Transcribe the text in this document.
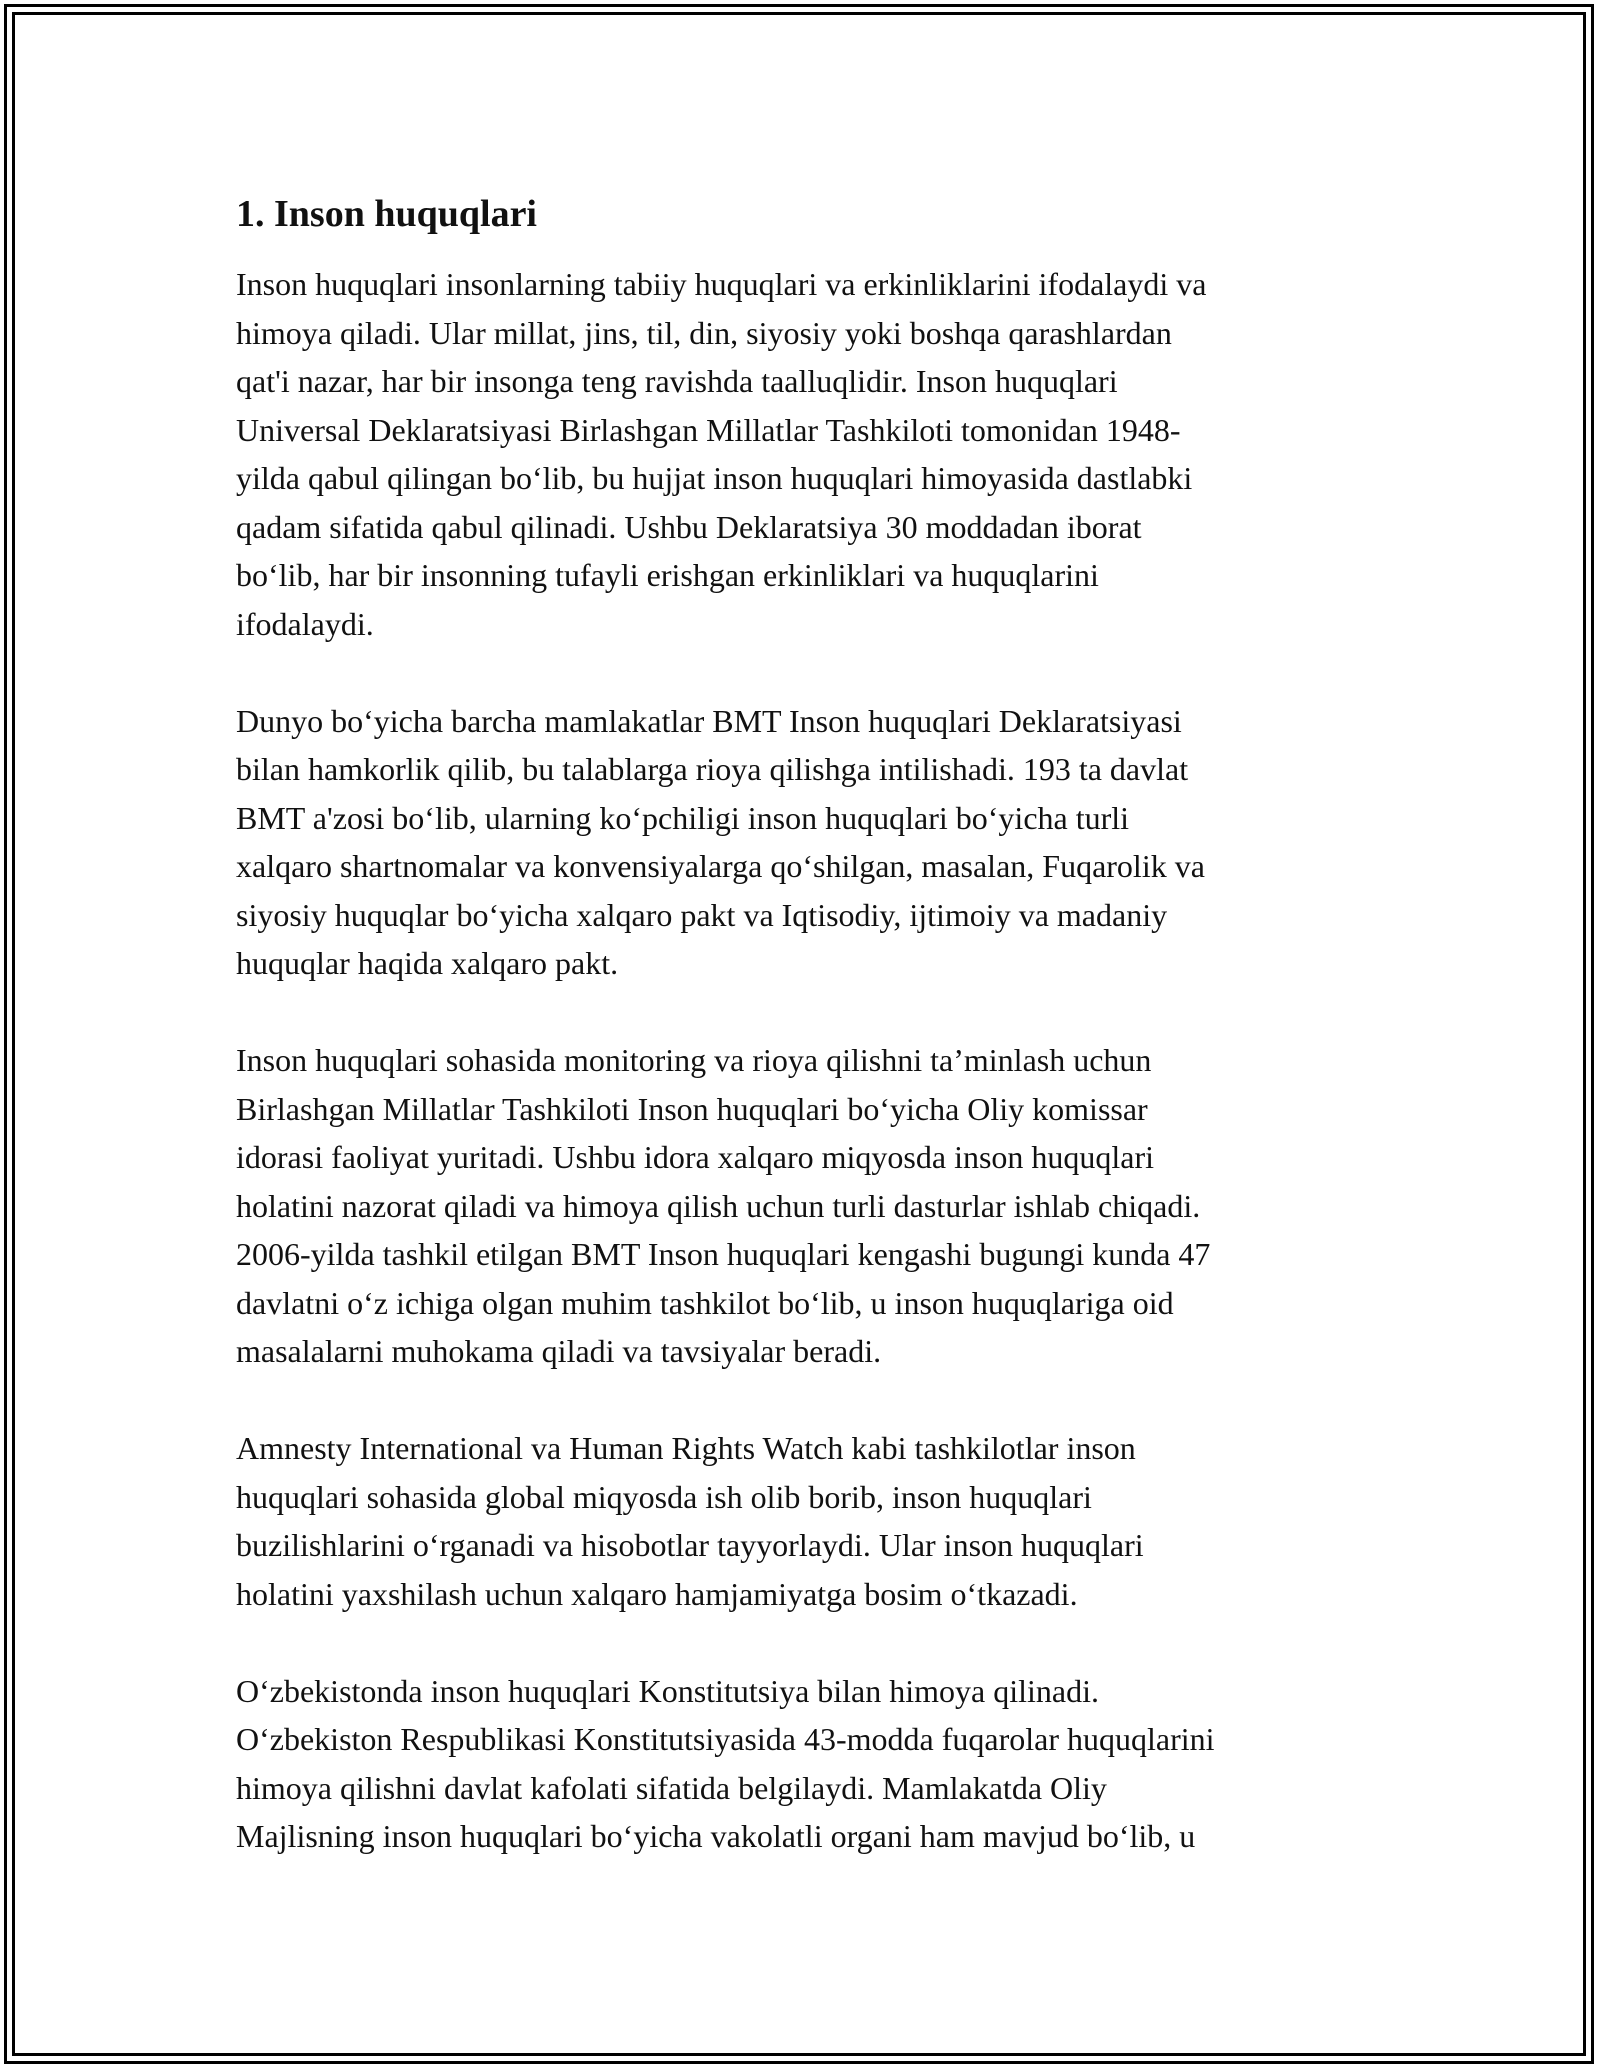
1. Inson huquqlari

Inson huquqlari insonlarning tabiiy huquqlari va erkinliklarini ifodalaydi va
himoya qiladi. Ular millat, jins, til, din, siyosiy yoki boshqa qarashlardan
qat'i nazar, har bir insonga teng ravishda taalluqlidir. Inson huquqlari
Universal Deklaratsiyasi Birlashgan Millatlar Tashkiloti tomonidan 1948-
yilda qabul qilingan bo‘lib, bu hujjat inson huquqlari himoyasida dastlabki
qadam sifatida qabul qilinadi. Ushbu Deklaratsiya 30 moddadan iborat
bo‘lib, har bir insonning tufayli erishgan erkinliklari va huquqlarini
ifodalaydi.

Dunyo bo‘yicha barcha mamlakatlar BMT Inson huquqlari Deklaratsiyasi
bilan hamkorlik qilib, bu talablarga rioya qilishga intilishadi. 193 ta davlat
BMT a'zosi bo‘lib, ularning ko‘pchiligi inson huquqlari bo‘yicha turli
xalqaro shartnomalar va konvensiyalarga qo‘shilgan, masalan, Fuqarolik va
siyosiy huquqlar bo‘yicha xalqaro pakt va Iqtisodiy, ijtimoiy va madaniy
huquqlar haqida xalqaro pakt.

Inson huquqlari sohasida monitoring va rioya qilishni ta’minlash uchun
Birlashgan Millatlar Tashkiloti Inson huquqlari bo‘yicha Oliy komissar
idorasi faoliyat yuritadi. Ushbu idora xalqaro miqyosda inson huquqlari
holatini nazorat qiladi va himoya qilish uchun turli dasturlar ishlab chiqadi.
2006-yilda tashkil etilgan BMT Inson huquqlari kengashi bugungi kunda 47
davlatni o‘z ichiga olgan muhim tashkilot bo‘lib, u inson huquqlariga oid
masalalarni muhokama qiladi va tavsiyalar beradi.

Amnesty International va Human Rights Watch kabi tashkilotlar inson
huquqlari sohasida global miqyosda ish olib borib, inson huquqlari
buzilishlarini o‘rganadi va hisobotlar tayyorlaydi. Ular inson huquqlari
holatini yaxshilash uchun xalqaro hamjamiyatga bosim o‘tkazadi.

O‘zbekistonda inson huquqlari Konstitutsiya bilan himoya qilinadi.
O‘zbekiston Respublikasi Konstitutsiyasida 43-modda fuqarolar huquqlarini
himoya qilishni davlat kafolati sifatida belgilaydi. Mamlakatda Oliy
Majlisning inson huquqlari bo‘yicha vakolatli organi ham mavjud bo‘lib, u
